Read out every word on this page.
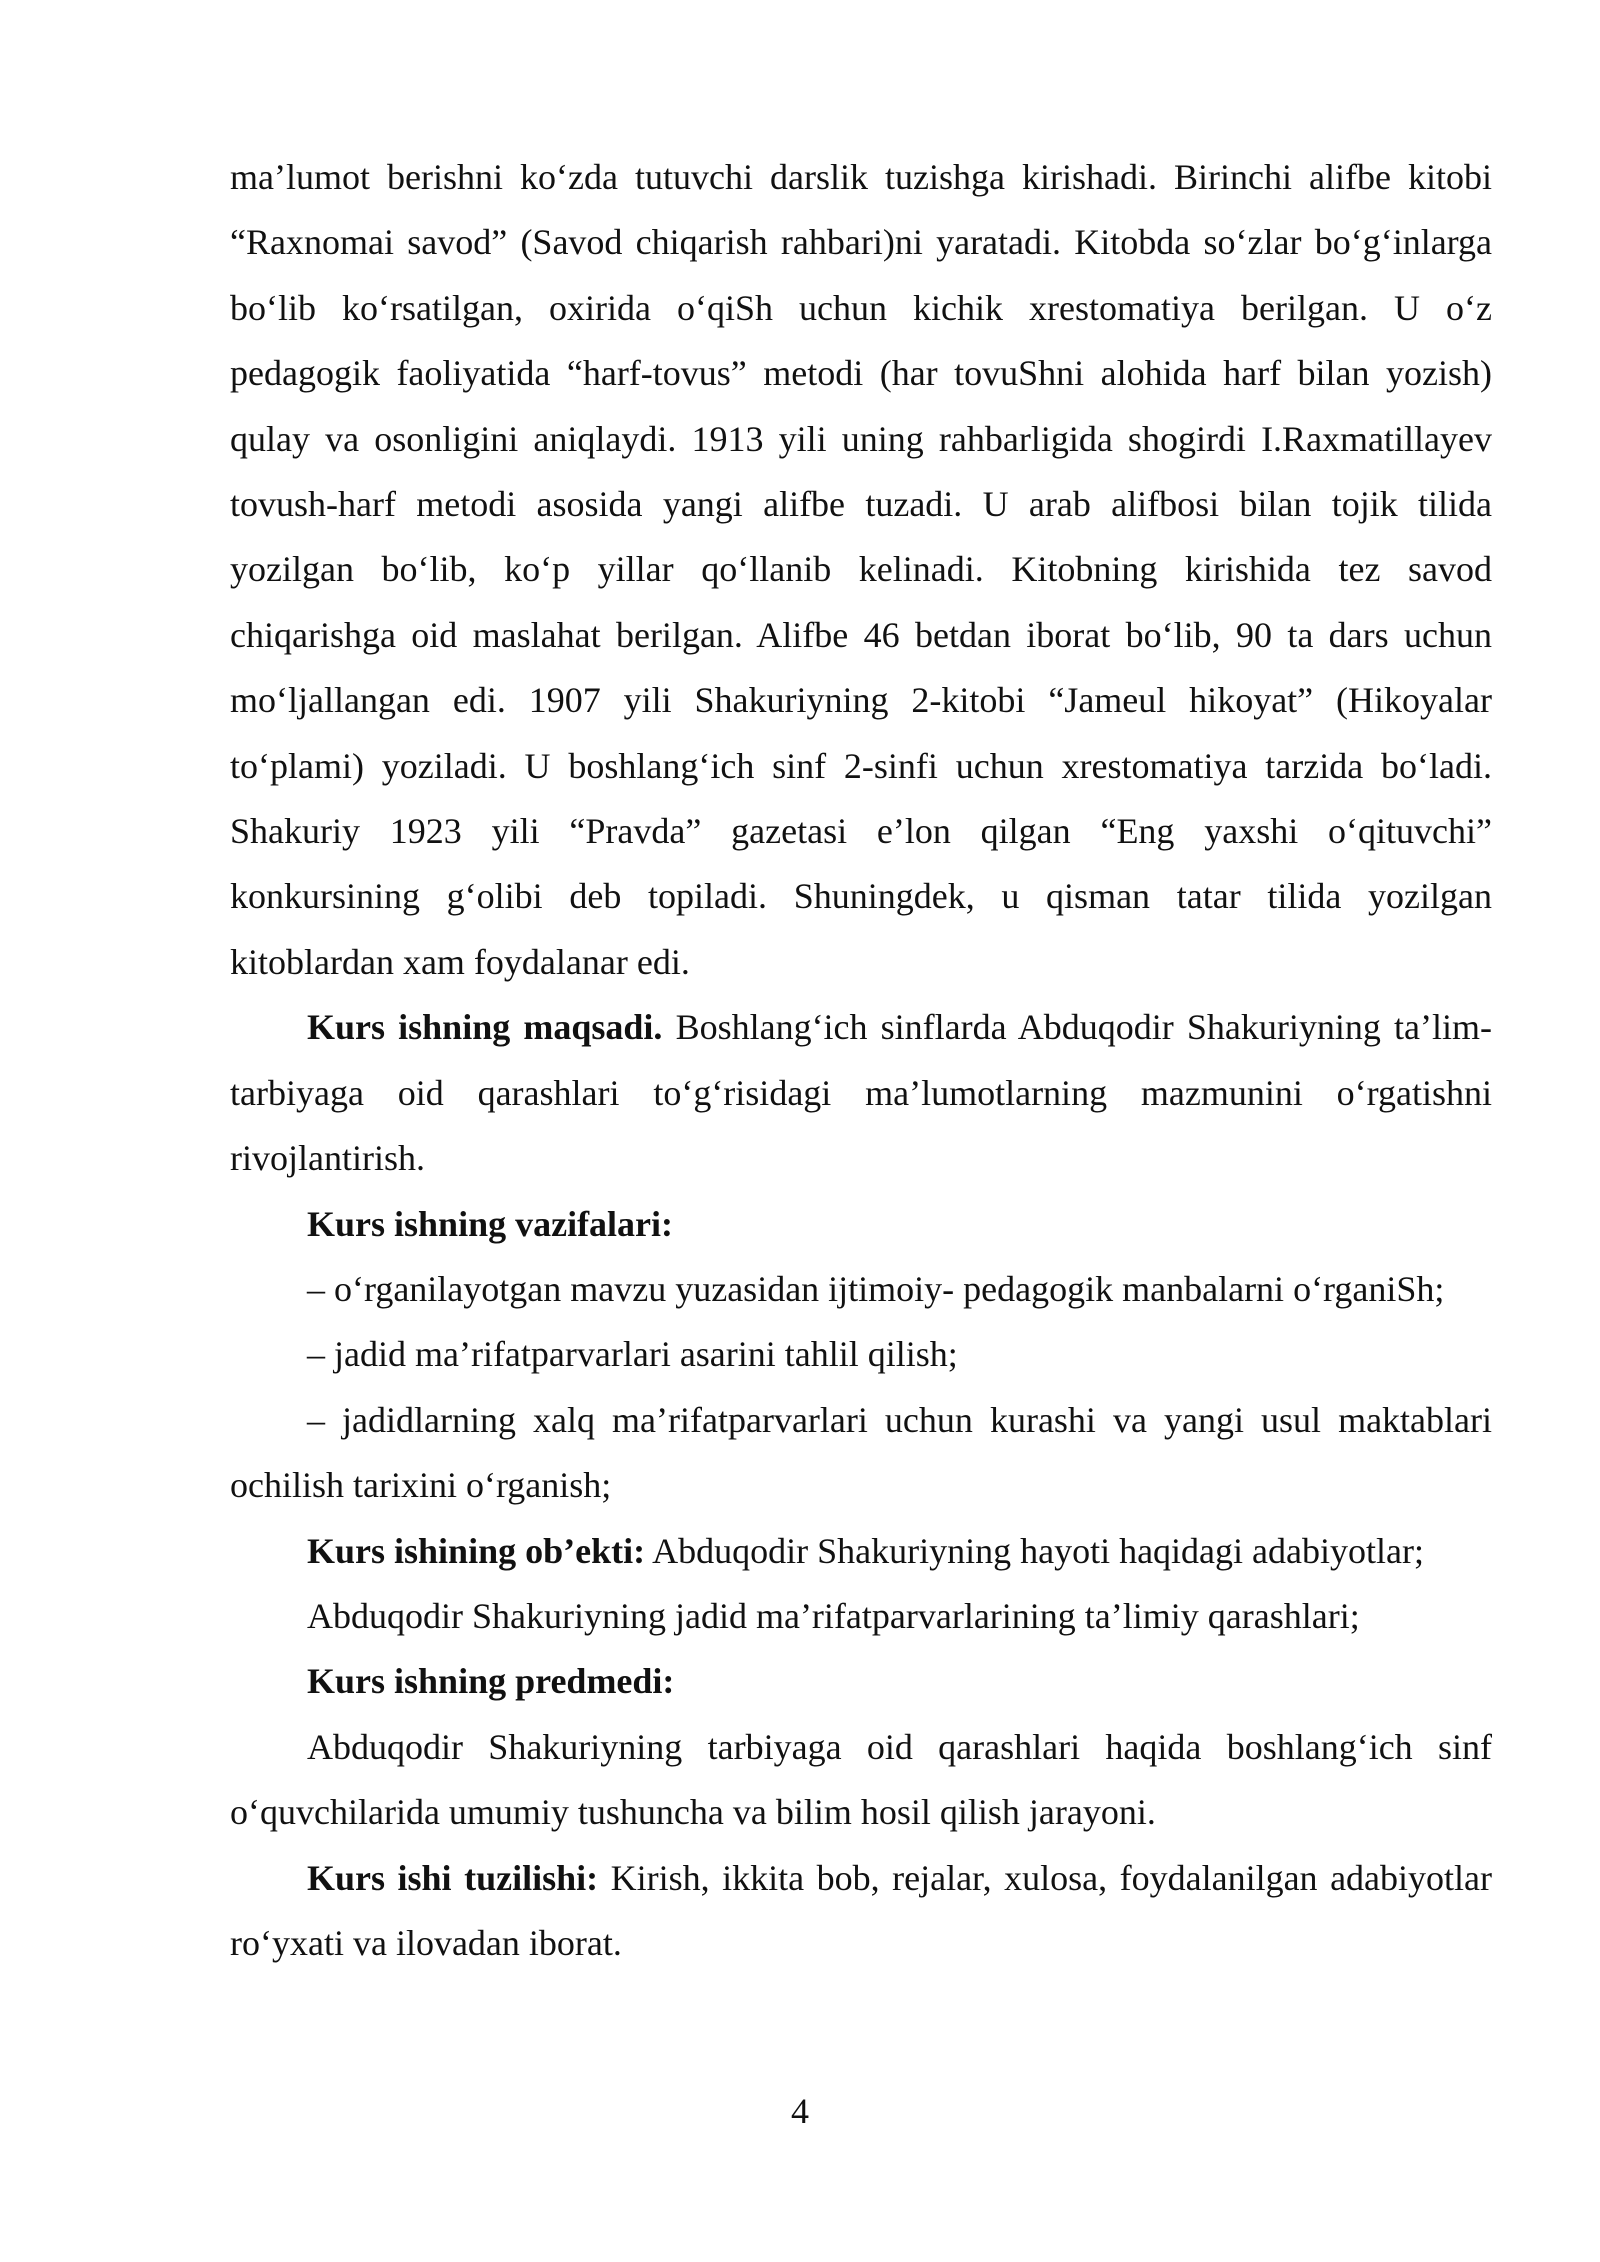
ma’lumot berishni ko‘zda tutuvchi darslik tuzishga kirishadi. Birinchi alifbe kitobi “Raxnomai savod” (Savod chiqarish rahbari)ni yaratadi. Kitobda so‘zlar bo‘g‘inlarga bo‘lib ko‘rsatilgan, oxirida o‘qiSh uchun kichik xrestomatiya berilgan. U o‘z pedagogik faoliyatida “harf-tovus” metodi (har tovuShni alohida harf bilan yozish) qulay va osonligini aniqlaydi. 1913 yili uning rahbarligida shogirdi I.Raxmatillayev tovush-harf metodi asosida yangi alifbe tuzadi. U arab alifbosi bilan tojik tilida yozilgan bo‘lib, ko‘p yillar qo‘llanib kelinadi. Kitobning kirishida tez savod chiqarishga oid maslahat berilgan. Alifbe 46 betdan iborat bo‘lib, 90 ta dars uchun mo‘ljallangan edi. 1907 yili Shakuriyning 2-kitobi “Jameul hikoyat” (Hikoyalar to‘plami) yoziladi. U boshlang‘ich sinf 2-sinfi uchun xrestomatiya tarzida bo‘ladi. Shakuriy 1923 yili “Pravda” gazetasi e’lon qilgan “Eng yaxshi o‘qituvchi” konkursining g‘olibi deb topiladi. Shuningdek, u qisman tatar tilida yozilgan kitoblardan xam foydalanar edi.

Kurs ishning maqsadi. Boshlang‘ich sinflarda Abduqodir Shakuriyning ta’lim-tarbiyaga oid qarashlari to‘g‘risidagi ma’lumotlarning mazmunini o‘rgatishni rivojlantirish.

Kurs ishning vazifalari:

– o‘rganilayotgan mavzu yuzasidan ijtimoiy- pedagogik manbalarni o‘rganiSh;

– jadid ma’rifatparvarlari asarini tahlil qilish;

– jadidlarning xalq ma’rifatparvarlari uchun kurashi va yangi usul maktablari ochilish tarixini o‘rganish;

Kurs ishining ob’ekti: Abduqodir Shakuriyning hayoti haqidagi adabiyotlar;

Abduqodir Shakuriyning jadid ma’rifatparvarlarining ta’limiy qarashlari;

Kurs ishning predmedi:

Abduqodir Shakuriyning tarbiyaga oid qarashlari haqida boshlang‘ich sinf o‘quvchilarida umumiy tushuncha va bilim hosil qilish jarayoni.

Kurs ishi tuzilishi: Kirish, ikkita bob, rejalar, xulosa, foydalanilgan adabiyotlar ro‘yxati va ilovadan iborat.

4
